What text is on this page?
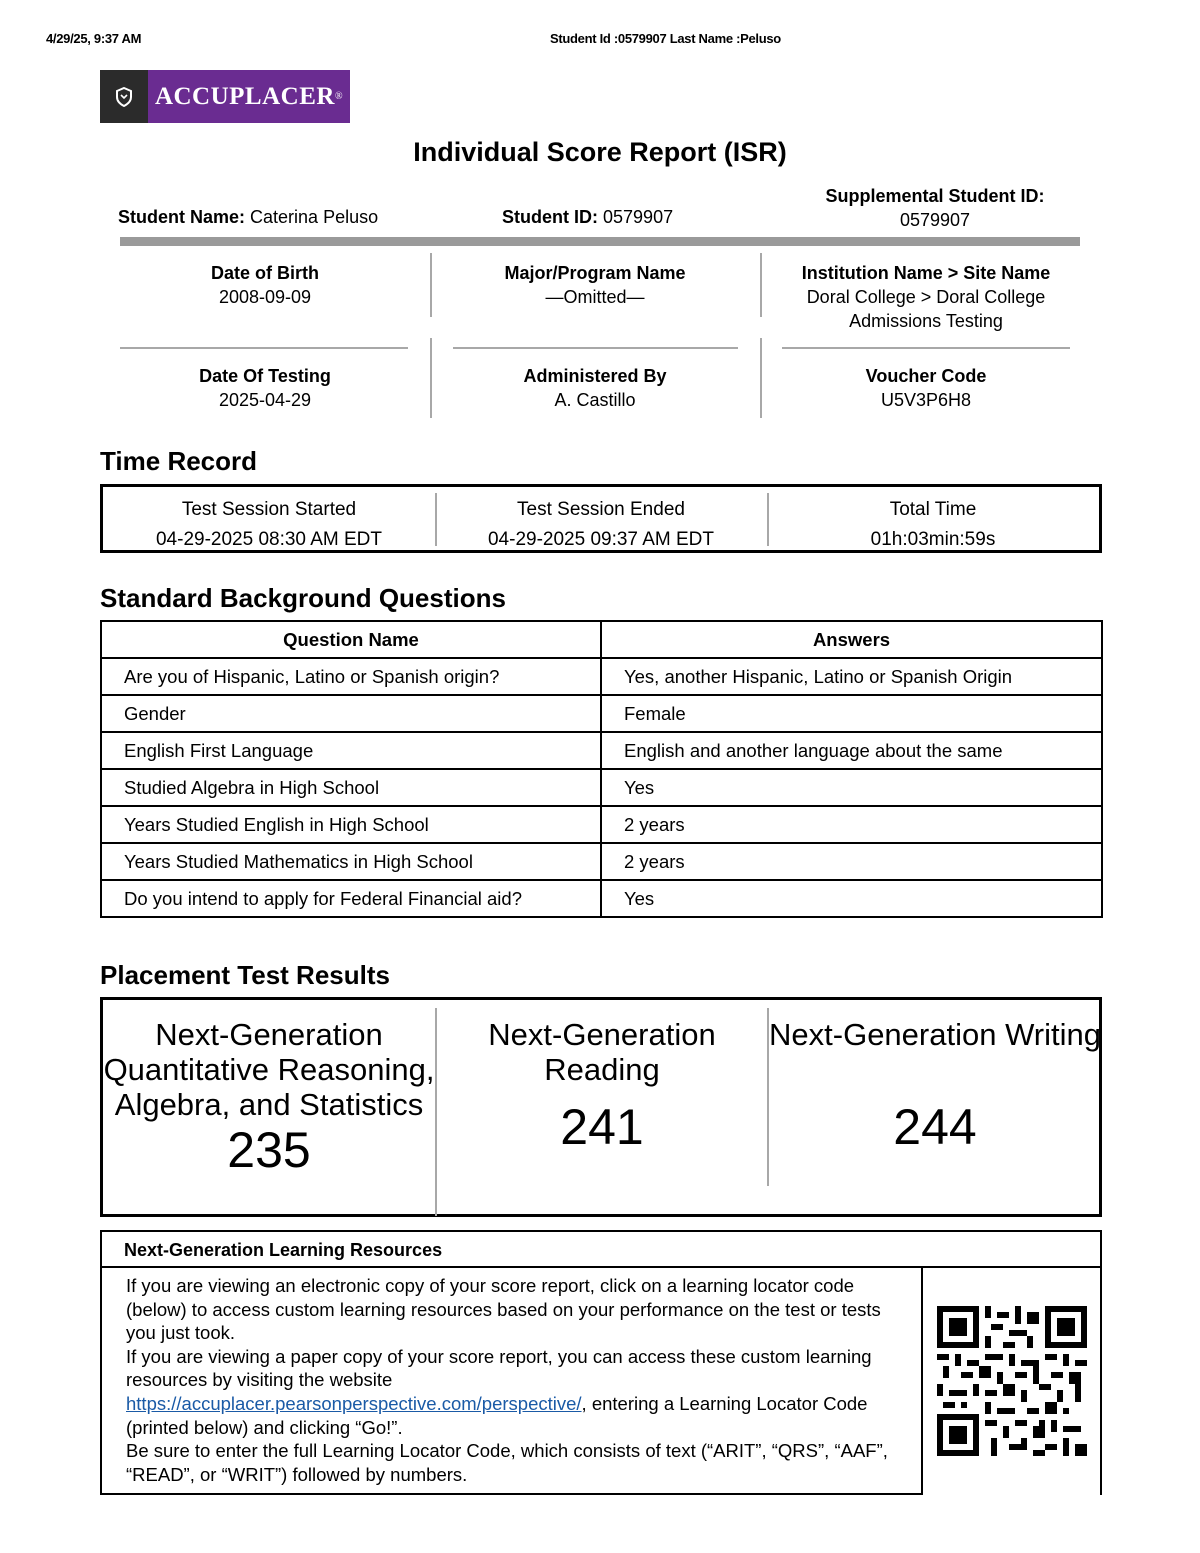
4/29/25, 9:37 AM	Student Id :0579907 Last Name :Peluso
ACCUPLACER ®
Individual Score Report (ISR)
Student Name: Caterina Peluso	Student ID: 0579907
Supplemental Student ID:
0579907
Date of Birth
2008-09-09
Major/Program Name
—Omitted—
Institution Name > Site Name
Doral College > Doral College
Admissions Testing
Date Of Testing
2025-04-29
Administered By
A. Castillo
Voucher Code
U5V3P6H8
Time Record
Test Session Started
04-29-2025 08:30 AM EDT
Test Session Ended
04-29-2025 09:37 AM EDT
Total Time
01h:03min:59s
Standard Background Questions
Question Name	Answers
Are you of Hispanic, Latino or Spanish origin?	Yes, another Hispanic, Latino or Spanish Origin
Gender	Female
English First Language	English and another language about the same
Studied Algebra in High School	Yes
Years Studied English in High School	2 years
Years Studied Mathematics in High School	2 years
Do you intend to apply for Federal Financial aid?	Yes
Placement Test Results
Next-Generation
Quantitative Reasoning,
Algebra, and Statistics
235
Next-Generation
Reading
241
Next-Generation Writing
244
Next-Generation Learning Resources
If you are viewing an electronic copy of your score report, click on a learning locator code (below) to access custom learning resources based on your performance on the test or tests you just took.
If you are viewing a paper copy of your score report, you can access these custom learning resources by visiting the website
https://accuplacer.pearsonperspective.com/perspective/, entering a Learning Locator Code (printed below) and clicking “Go!”.
Be sure to enter the full Learning Locator Code, which consists of text (“ARIT”, “QRS”, “AAF”, “READ”, or “WRIT”) followed by numbers.
